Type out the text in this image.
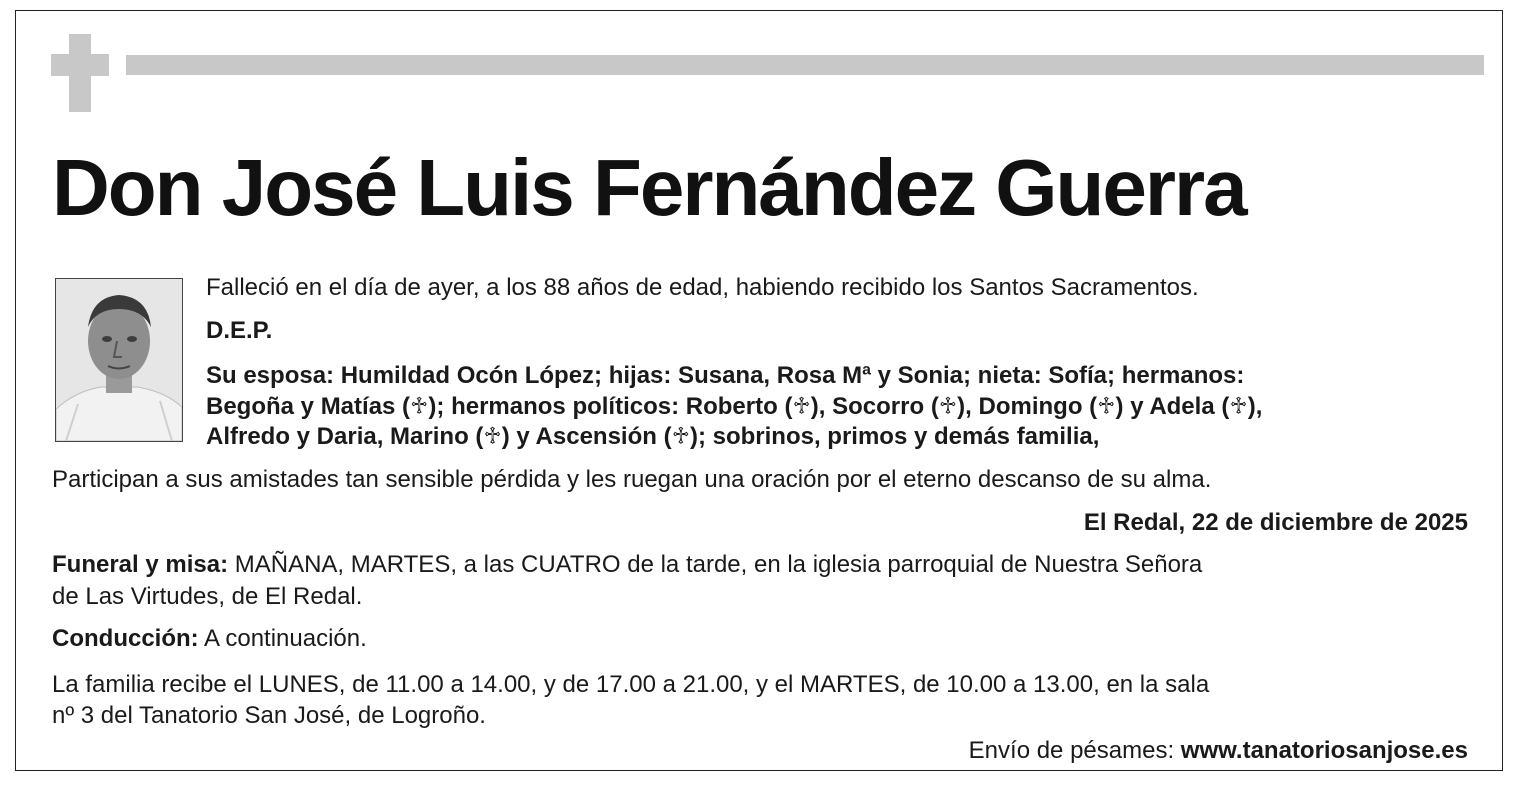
Don José Luis Fernández Guerra
Falleció en el día de ayer, a los 88 años de edad, habiendo recibido los Santos Sacramentos.
D.E.P.
Su esposa: Humildad Ocón López; hijas: Susana, Rosa Mª y Sonia; nieta: Sofía; hermanos:
Begoña y Matías (♱); hermanos políticos: Roberto (♱), Socorro (♱), Domingo (♱) y Adela (♱),
Alfredo y Daria, Marino (♱) y Ascensión (♱); sobrinos, primos y demás familia,
Participan a sus amistades tan sensible pérdida y les ruegan una oración por el eterno descanso de su alma.
El Redal, 22 de diciembre de 2025
Funeral y misa: MAÑANA, MARTES, a las CUATRO de la tarde, en la iglesia parroquial de Nuestra Señora
de Las Virtudes, de El Redal.
Conducción: A continuación.
La familia recibe el LUNES, de 11.00 a 14.00, y de 17.00 a 21.00, y el MARTES, de 10.00 a 13.00, en la sala
nº 3 del Tanatorio San José, de Logroño.
Envío de pésames: www.tanatoriosanjose.es
